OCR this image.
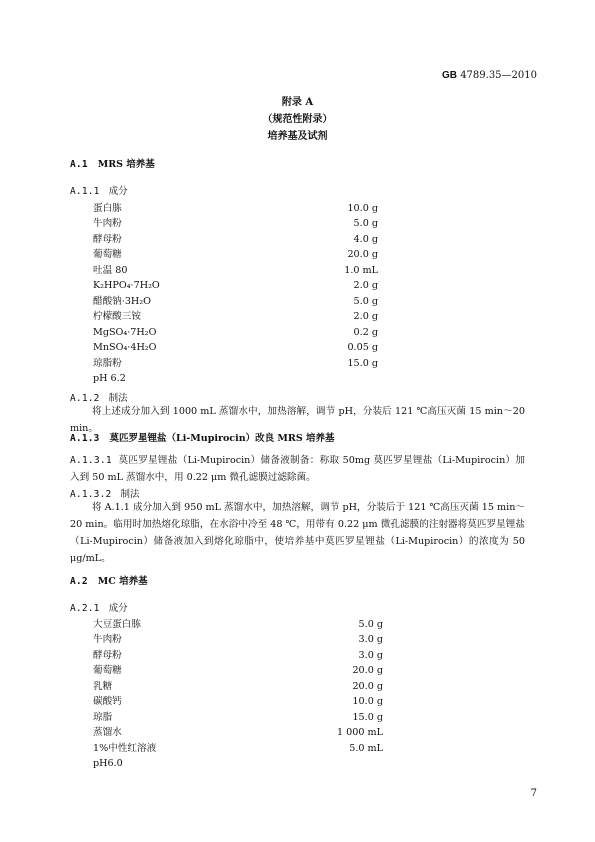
GB 4789.35—2010
附录 A
（规范性附录）
培养基及试剂
A.1 MRS 培养基
A.1.1 成分
蛋白胨	10.0 g
牛肉粉	5.0 g
酵母粉	4.0 g
葡萄糖	20.0 g
吐温 80	1.0 mL
K₂HPO₄·7H₂O	2.0 g
醋酸钠·3H₂O	5.0 g
柠檬酸三铵	2.0 g
MgSO₄·7H₂O	0.2 g
MnSO₄·4H₂O	0.05 g
琼脂粉	15.0 g
pH 6.2
A.1.2 制法
将上述成分加入到 1000 mL 蒸馏水中，加热溶解，调节 pH，分装后 121 ℃高压灭菌 15 min～20 min。
A.1.3 莫匹罗星锂盐（Li-Mupirocin）改良 MRS 培养基
A.1.3.1 莫匹罗星锂盐（Li-Mupirocin）储备液制备：称取 50mg 莫匹罗星锂盐（Li-Mupirocin）加入到 50 mL 蒸馏水中，用 0.22 μm 微孔滤膜过滤除菌。
A.1.3.2 制法
将 A.1.1 成分加入到 950 mL 蒸馏水中，加热溶解，调节 pH，分装后于 121 ℃高压灭菌 15 min～20 min。临用时加热熔化琼脂，在水浴中冷至 48 ℃，用带有 0.22 μm 微孔滤膜的注射器将莫匹罗星锂盐（Li-Mupirocin）储备液加入到熔化琼脂中，使培养基中莫匹罗星锂盐（Li-Mupirocin）的浓度为 50 μg/mL。
A.2 MC 培养基
A.2.1 成分
大豆蛋白胨	5.0 g
牛肉粉	3.0 g
酵母粉	3.0 g
葡萄糖	20.0 g
乳糖	20.0 g
碳酸钙	10.0 g
琼脂	15.0 g
蒸馏水	1 000 mL
1%中性红溶液	5.0 mL
pH6.0
7
